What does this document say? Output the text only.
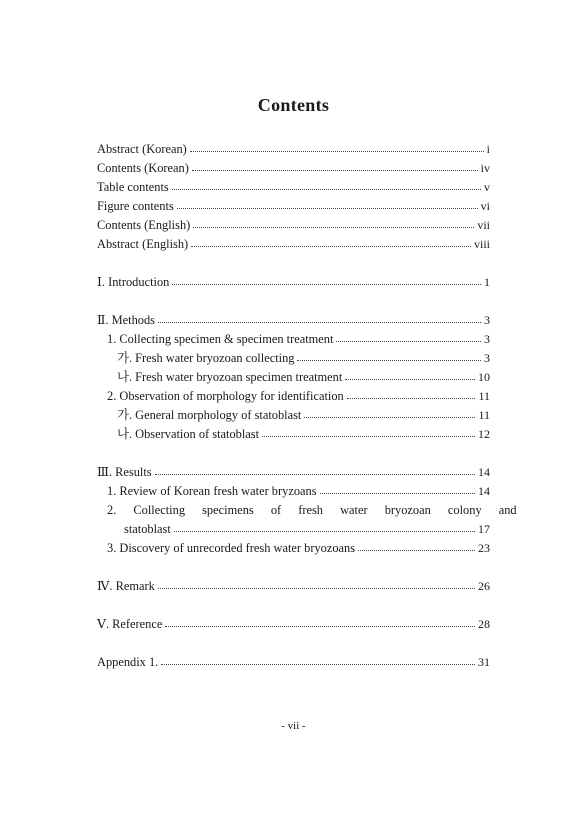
Contents
Abstract (Korean)	i
Contents (Korean)	iv
Table contents	v
Figure contents	vi
Contents (English)	vii
Abstract (English)	viii
Ⅰ. Introduction	1
Ⅱ. Methods	3
1. Collecting specimen & specimen treatment	3
가. Fresh water bryozoan collecting	3
나. Fresh water bryozoan specimen treatment	10
2. Observation of morphology for identification	11
가. General morphology of statoblast	11
나. Observation of statoblast	12
Ⅲ. Results	14
1. Review of Korean fresh water bryzoans	14
2. Collecting specimens of fresh water bryozoan colony and
statoblast	17
3. Discovery of unrecorded fresh water bryozoans	23
Ⅳ. Remark	26
Ⅴ. Reference	28
Appendix 1.	31
- vii -
